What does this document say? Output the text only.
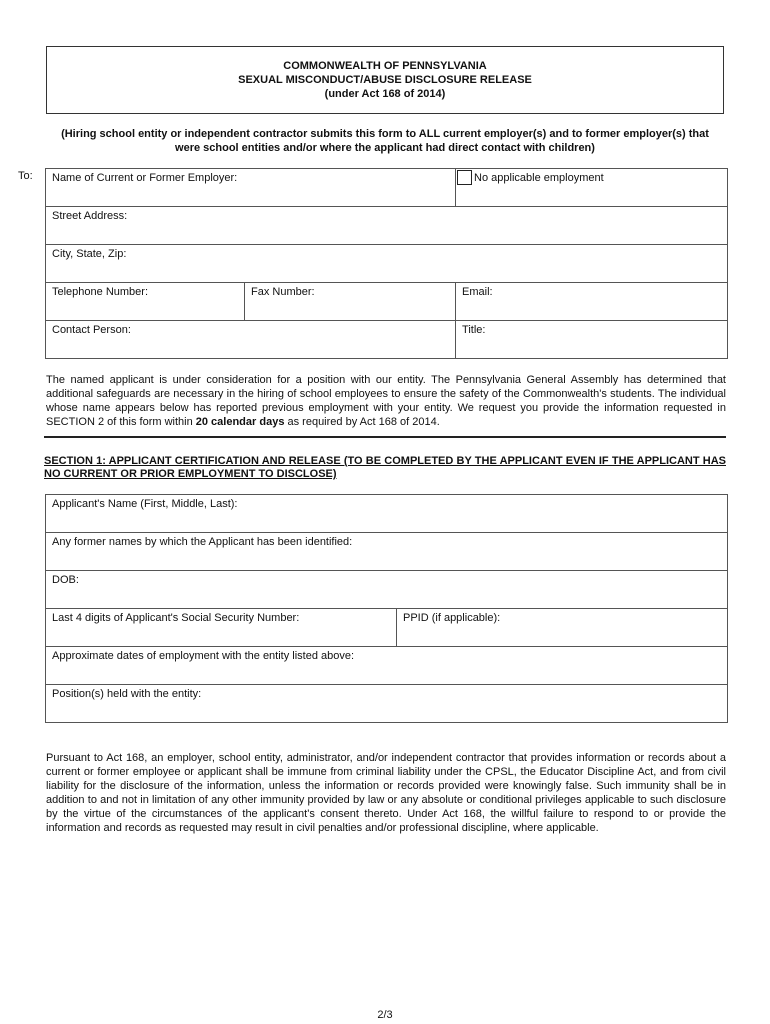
COMMONWEALTH OF PENNSYLVANIA
SEXUAL MISCONDUCT/ABUSE DISCLOSURE RELEASE
(under Act 168 of 2014)
(Hiring school entity or independent contractor submits this form to ALL current employer(s) and to former employer(s) that
were school entities and/or where the applicant had direct contact with children)
To: Name of Current or Former Employer:		No applicable employment

Street Address:		
City, State, Zip:		
Telephone Number:	Fax Number:	Email:
Contact Person:		Title:
The named applicant is under consideration for a position with our entity. The Pennsylvania General Assembly has determined that additional safeguards are necessary in the hiring of school employees to ensure the safety of the Commonwealth's students. The individual whose name appears below has reported previous employment with your entity. We request you provide the information requested in SECTION 2 of this form within 20 calendar days as required by Act 168 of 2014.
SECTION 1: APPLICANT CERTIFICATION AND RELEASE (TO BE COMPLETED BY THE APPLICANT EVEN IF THE APPLICANT HAS NO CURRENT OR PRIOR EMPLOYMENT TO DISCLOSE)
Applicant's Name (First, Middle, Last):
Any former names by which the Applicant has been identified:
DOB:
Last 4 digits of Applicant's Social Security Number:	PPID (if applicable):
Approximate dates of employment with the entity listed above:
Position(s) held with the entity:
Pursuant to Act 168, an employer, school entity, administrator, and/or independent contractor that provides information or records about a current or former employee or applicant shall be immune from criminal liability under the CPSL, the Educator Discipline Act, and from civil liability for the disclosure of the information, unless the information or records provided were knowingly false. Such immunity shall be in addition to and not in limitation of any other immunity provided by law or any absolute or conditional privileges applicable to such disclosure by the virtue of the circumstances of the applicant's consent thereto. Under Act 168, the willful failure to respond to or provide the information and records as requested may result in civil penalties and/or professional discipline, where applicable.
2/3
